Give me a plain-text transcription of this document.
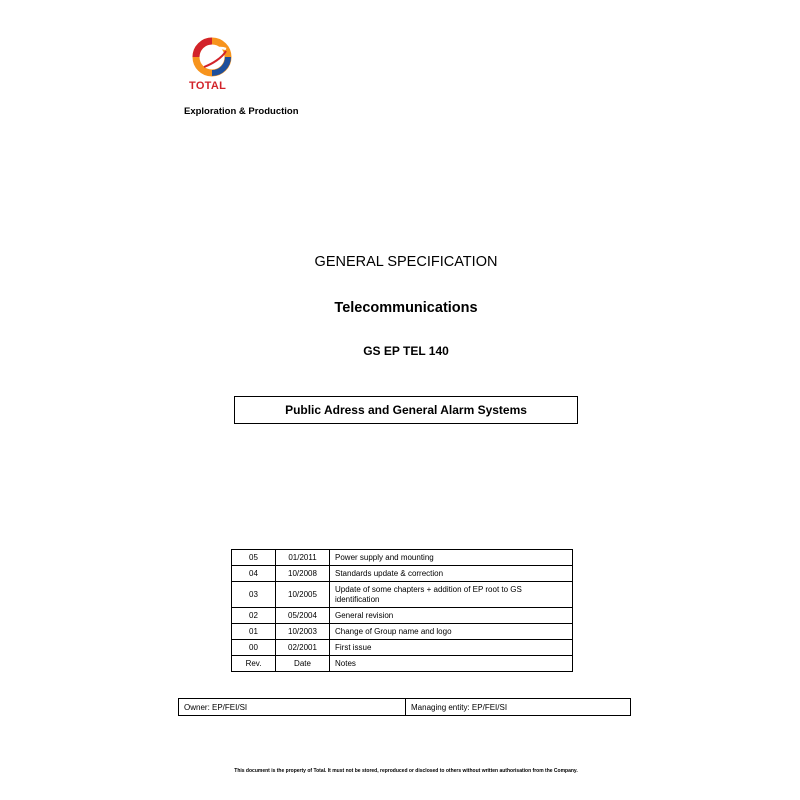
TOTAL
Exploration & Production
GENERAL SPECIFICATION
Telecommunications
GS EP TEL 140
Public Adress and General Alarm Systems
05	01/2011	Power supply and mounting
04	10/2008	Standards update & correction
03	10/2005	Update of some chapters + addition of EP root to GS identification
02	05/2004	General revision
01	10/2003	Change of Group name and logo
00	02/2001	First issue
Rev.	Date	Notes
Owner: EP/FEI/SI	Managing entity: EP/FEI/SI
This document is the property of Total. It must not be stored, reproduced or disclosed to others without written authorisation from the Company.
